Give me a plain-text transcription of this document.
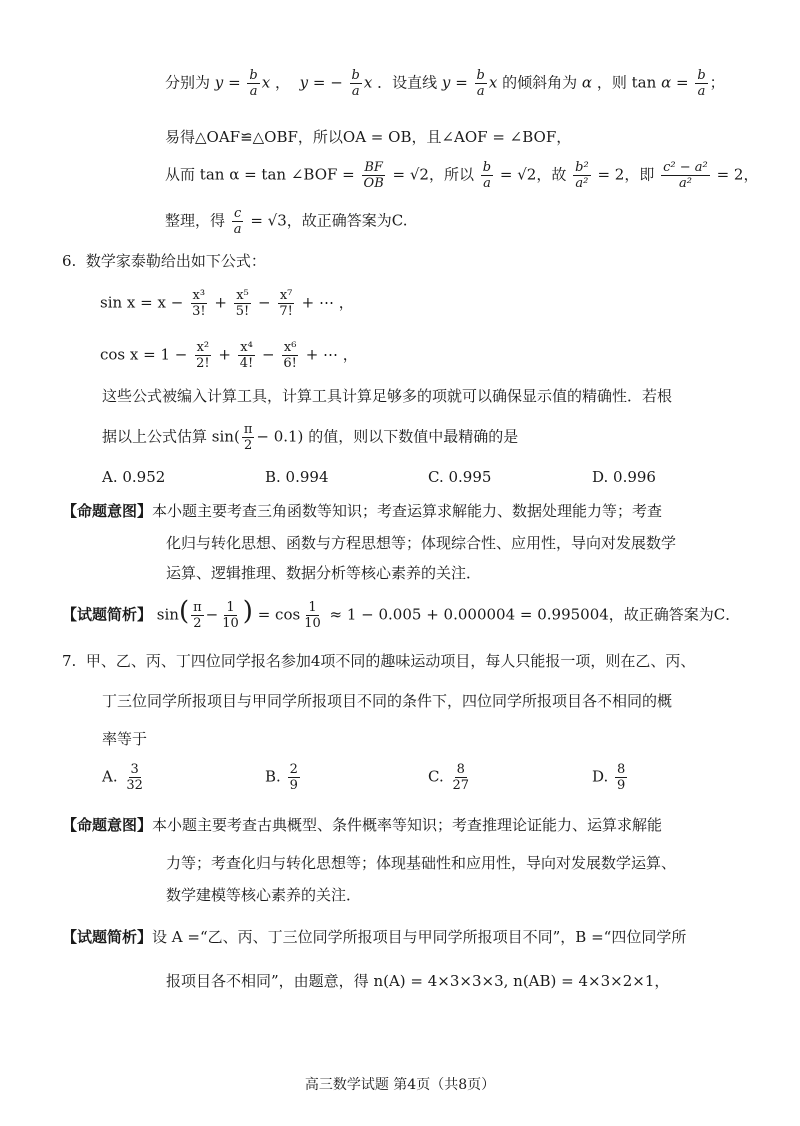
分别为 $y = \frac{b}{a}$ x ， y = − $\frac{b}{a}$ x ．设直线 $y = \frac{b}{a}$ x 的倾斜角为 α ，则 $\tan \alpha = \frac{b}{a}$ ；
易得△OAF≌△OBF，所以OA = OB，且∠AOF = ∠BOF，
从而 tan α = tan ∠BOF = $\frac{BF}{OB} = √2$，所以 $\frac{b}{a} = √2$，故 $\frac{\text{b²}}{\text{a²}} = 2$，即 $\frac{\text{c² − a²}}{\text{a²}} = 2$，
整理，得 $\frac{c}{a} = √3$，故正确答案为C.
6. 数学家泰勒给出如下公式：
$\sin x = x - \frac{\text{x³}}{3!} + \frac{\text{x⁵}}{5!} - \frac{\text{x⁷}}{7!}$ + ⋯ ，
$\cos x = 1 - \frac{\text{x²}}{2!} + \frac{\text{x⁴}}{4!} - \frac{\text{x⁶}}{6!}$ + ⋯ ，
这些公式被编入计算工具，计算工具计算足够多的项就可以确保显示值的精确性．若根
据以上公式估算 $\sin( \frac{\pi}{2} - 0.1)$ 的值，则以下数值中最精确的是
A. 0.952	B. 0.994	C. 0.995	D. 0.996
【命题意图】本小题主要考查三角函数等知识；考查运算求解能力、数据处理能力等；考查
化归与转化思想、函数与方程思想等；体现综合性、应用性，导向对发展数学
运算、逻辑推理、数据分析等核心素养的关注．
【试题简析】 $\sin( \frac{\pi}{2} - \frac{1}{10}$ ) = $\cos \frac{1}{10} \approx 1 - 0.005 + 0.000004 = 0.995004$，故正确答案为C．
7. 甲、乙、丙、丁四位同学报名参加4项不同的趣味运动项目，每人只能报一项，则在乙、丙、
丁三位同学所报项目与甲同学所报项目不同的条件下，四位同学所报项目各不相同的概
率等于
A. $\frac{3}{32}$	B. $\frac{2}{9}$	C. $\frac{8}{27}$	D. $\frac{8}{9}$
【命题意图】本小题主要考查古典概型、条件概率等知识；考查推理论证能力、运算求解能
力等；考查化归与转化思想等；体现基础性和应用性，导向对发展数学运算、
数学建模等核心素养的关注．
【试题简析】设 A =“乙、丙、丁三位同学所报项目与甲同学所报项目不同”，B =“四位同学所
报项目各不相同”，由题意，得 n(A) = 4×3×3×3, n(AB) = 4×3×2×1，
高三数学试题 第4页（共8页）
